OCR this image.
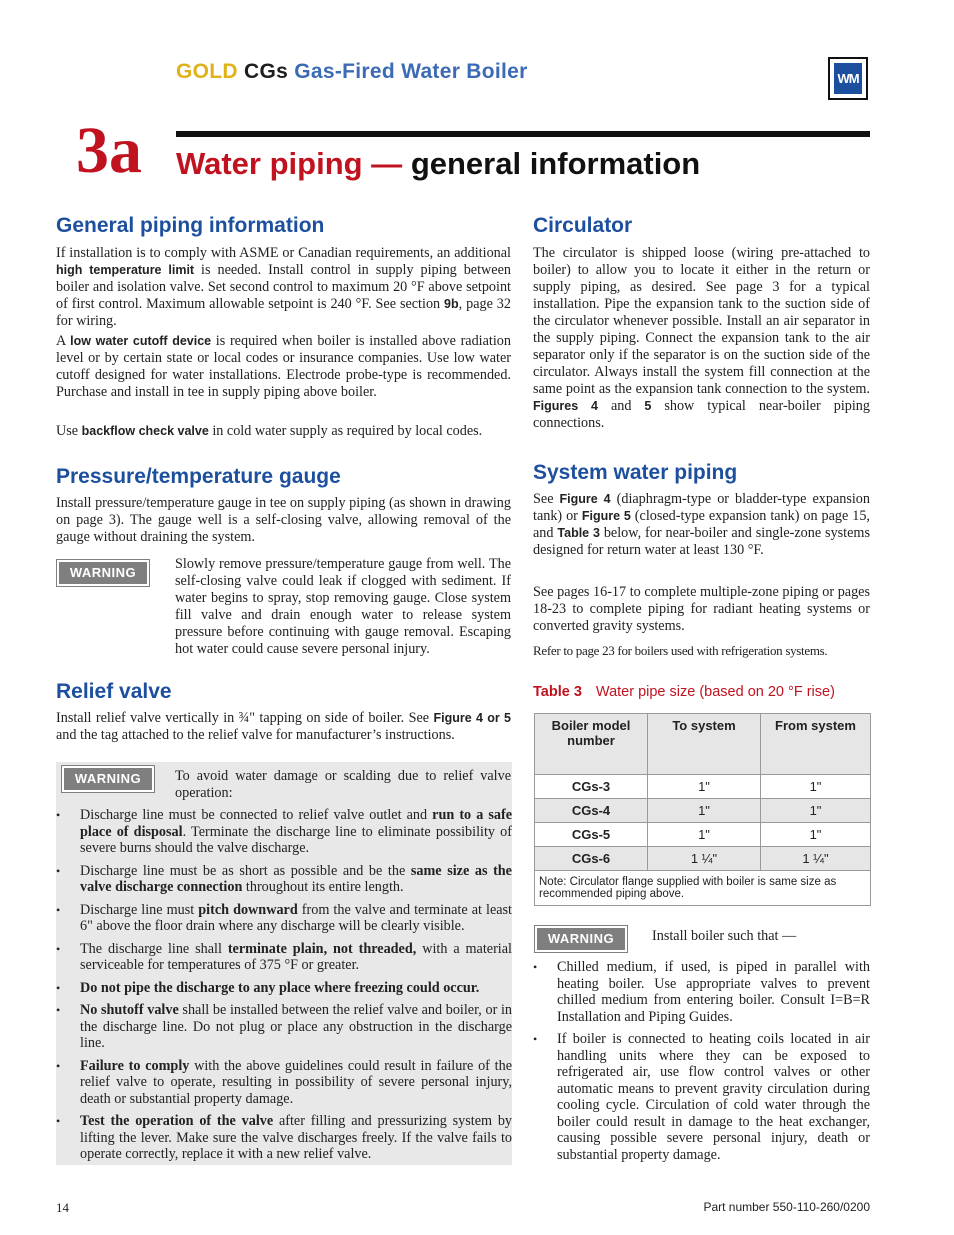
GOLD CGs Gas-Fired Water Boiler	WM
3a Water piping — general information
General piping information
If installation is to comply with ASME or Canadian requirements, an additional high temperature limit is needed. Install control in supply piping between boiler and isolation valve. Set second control to maximum 20 °F above setpoint of first control. Maximum allowable setpoint is 240 °F. See section 9b, page 32 for wiring.
A low water cutoff device is required when boiler is installed above radiation level or by certain state or local codes or insurance companies. Use low water cutoff designed for water installations. Electrode probe-type is recommended. Purchase and install in tee in supply piping above boiler.
Use backflow check valve in cold water supply as required by local codes.
Pressure/temperature gauge
Install pressure/temperature gauge in tee on supply piping (as shown in drawing on page 3). The gauge well is a self-closing valve, allowing removal of the gauge without draining the system.
WARNING
Slowly remove pressure/temperature gauge from well. The self-closing valve could leak if clogged with sediment. If water begins to spray, stop removing gauge. Close system fill valve and drain enough water to release system pressure before continuing with gauge removal. Escaping hot water could cause severe personal injury.
Relief valve
Install relief valve vertically in ¾" tapping on side of boiler. See Figure 4 or 5 and the tag attached to the relief valve for manufacturer’s instructions.
WARNING	To avoid water damage or scalding due to relief valve operation:
• Discharge line must be connected to relief valve outlet and run to a safe place of disposal. Terminate the discharge line to eliminate possibility of severe burns should the valve discharge.
• Discharge line must be as short as possible and be the same size as the valve discharge connection throughout its entire length.
• Discharge line must pitch downward from the valve and terminate at least 6" above the floor drain where any discharge will be clearly visible.
• The discharge line shall terminate plain, not threaded, with a material serviceable for temperatures of 375 °F or greater.
• Do not pipe the discharge to any place where freezing could occur.
• No shutoff valve shall be installed between the relief valve and boiler, or in the discharge line. Do not plug or place any obstruction in the discharge line.
• Failure to comply with the above guidelines could result in failure of the relief valve to operate, resulting in possibility of severe personal injury, death or substantial property damage.
• Test the operation of the valve after filling and pressurizing system by lifting the lever. Make sure the valve discharges freely. If the valve fails to operate correctly, replace it with a new relief valve.
Circulator
The circulator is shipped loose (wiring pre-attached to boiler) to allow you to locate it either in the return or supply piping, as desired. See page 3 for a typical installation. Pipe the expansion tank to the suction side of the circulator whenever possible. Install an air separator in the supply piping. Connect the expansion tank to the air separator only if the separator is on the suction side of the circulator. Always install the system fill connection at the same point as the expansion tank connection to the system. Figures 4 and 5 show typical near-boiler piping connections.
System water piping
See Figure 4 (diaphragm-type or bladder-type expansion tank) or Figure 5 (closed-type expansion tank) on page 15, and Table 3 below, for near-boiler and single-zone systems designed for return water at least 130 °F.
See pages 16-17 to complete multiple-zone piping or pages 18-23 to complete piping for radiant heating systems or converted gravity systems.
Refer to page 23 for boilers used with refrigeration systems.
Table 3 Water pipe size (based on 20 °F rise)
Boiler model number	To system	From system
CGs-3	1"	1"
CGs-4	1"	1"
CGs-5	1"	1"
CGs-6	1 ¼"	1 ¼"
Note: Circulator flange supplied with boiler is same size as recommended piping above.		
WARNING	Install boiler such that —
• Chilled medium, if used, is piped in parallel with heating boiler. Use appropriate valves to prevent chilled medium from entering boiler. Consult I=B=R Installation and Piping Guides.
• If boiler is connected to heating coils located in air handling units where they can be exposed to refrigerated air, use flow control valves or other automatic means to prevent gravity circulation during cooling cycle. Circulation of cold water through the boiler could result in damage to the heat exchanger, causing possible severe personal injury, death or substantial property damage.
14	Part number 550-110-260/0200
